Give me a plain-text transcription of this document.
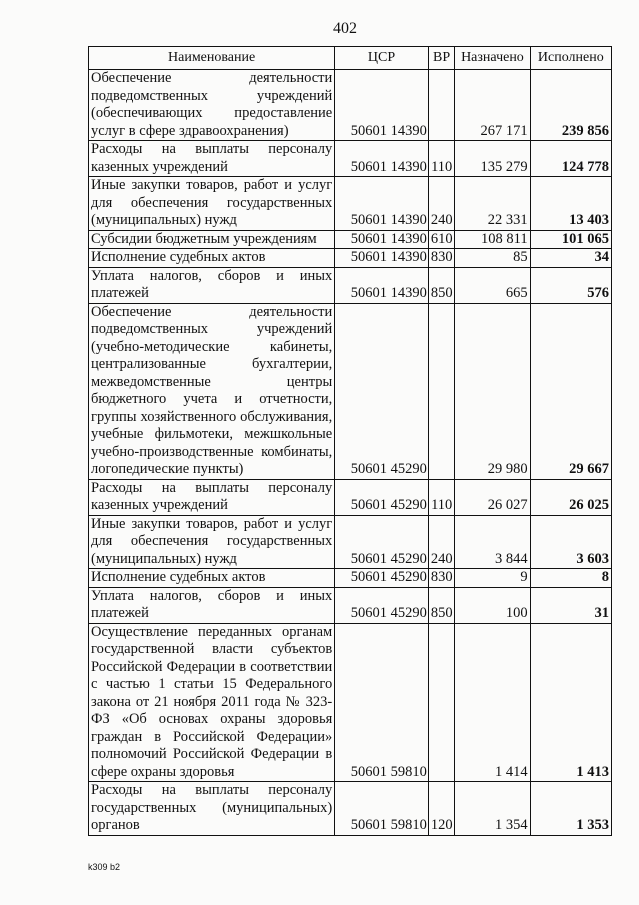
402
Наименование	ЦСР	ВР	Назначено	Исполнено
Обеспечение деятельности подведомственных учреждений (обеспечивающих предоставление услуг в сфере здравоохранения)	50601 14390		267 171	239 856
Расходы на выплаты персоналу казенных учреждений	50601 14390	110	135 279	124 778
Иные закупки товаров, работ и услуг для обеспечения государственных (муниципальных) нужд	50601 14390	240	22 331	13 403
Субсидии бюджетным учреждениям	50601 14390	610	108 811	101 065
Исполнение судебных актов	50601 14390	830	85	34
Уплата налогов, сборов и иных платежей	50601 14390	850	665	576
Обеспечение деятельности подведомственных учреждений (учебно-методические кабинеты, централизованные бухгалтерии, межведомственные центры бюджетного учета и отчетности, группы хозяйственного обслуживания, учебные фильмотеки, межшкольные учебно-производственные комбинаты, логопедические пункты)	50601 45290		29 980	29 667
Расходы на выплаты персоналу казенных учреждений	50601 45290	110	26 027	26 025
Иные закупки товаров, работ и услуг для обеспечения государственных (муниципальных) нужд	50601 45290	240	3 844	3 603
Исполнение судебных актов	50601 45290	830	9	8
Уплата налогов, сборов и иных платежей	50601 45290	850	100	31
Осуществление переданных органам государственной власти субъектов Российской Федерации в соответствии с частью 1 статьи 15 Федерального закона от 21 ноября 2011 года № 323-ФЗ «Об основах охраны здоровья граждан в Российской Федерации» полномочий Российской Федерации в сфере охраны здоровья	50601 59810		1 414	1 413
Расходы на выплаты персоналу государственных (муниципальных) органов	50601 59810	120	1 354	1 353
k309 b2
